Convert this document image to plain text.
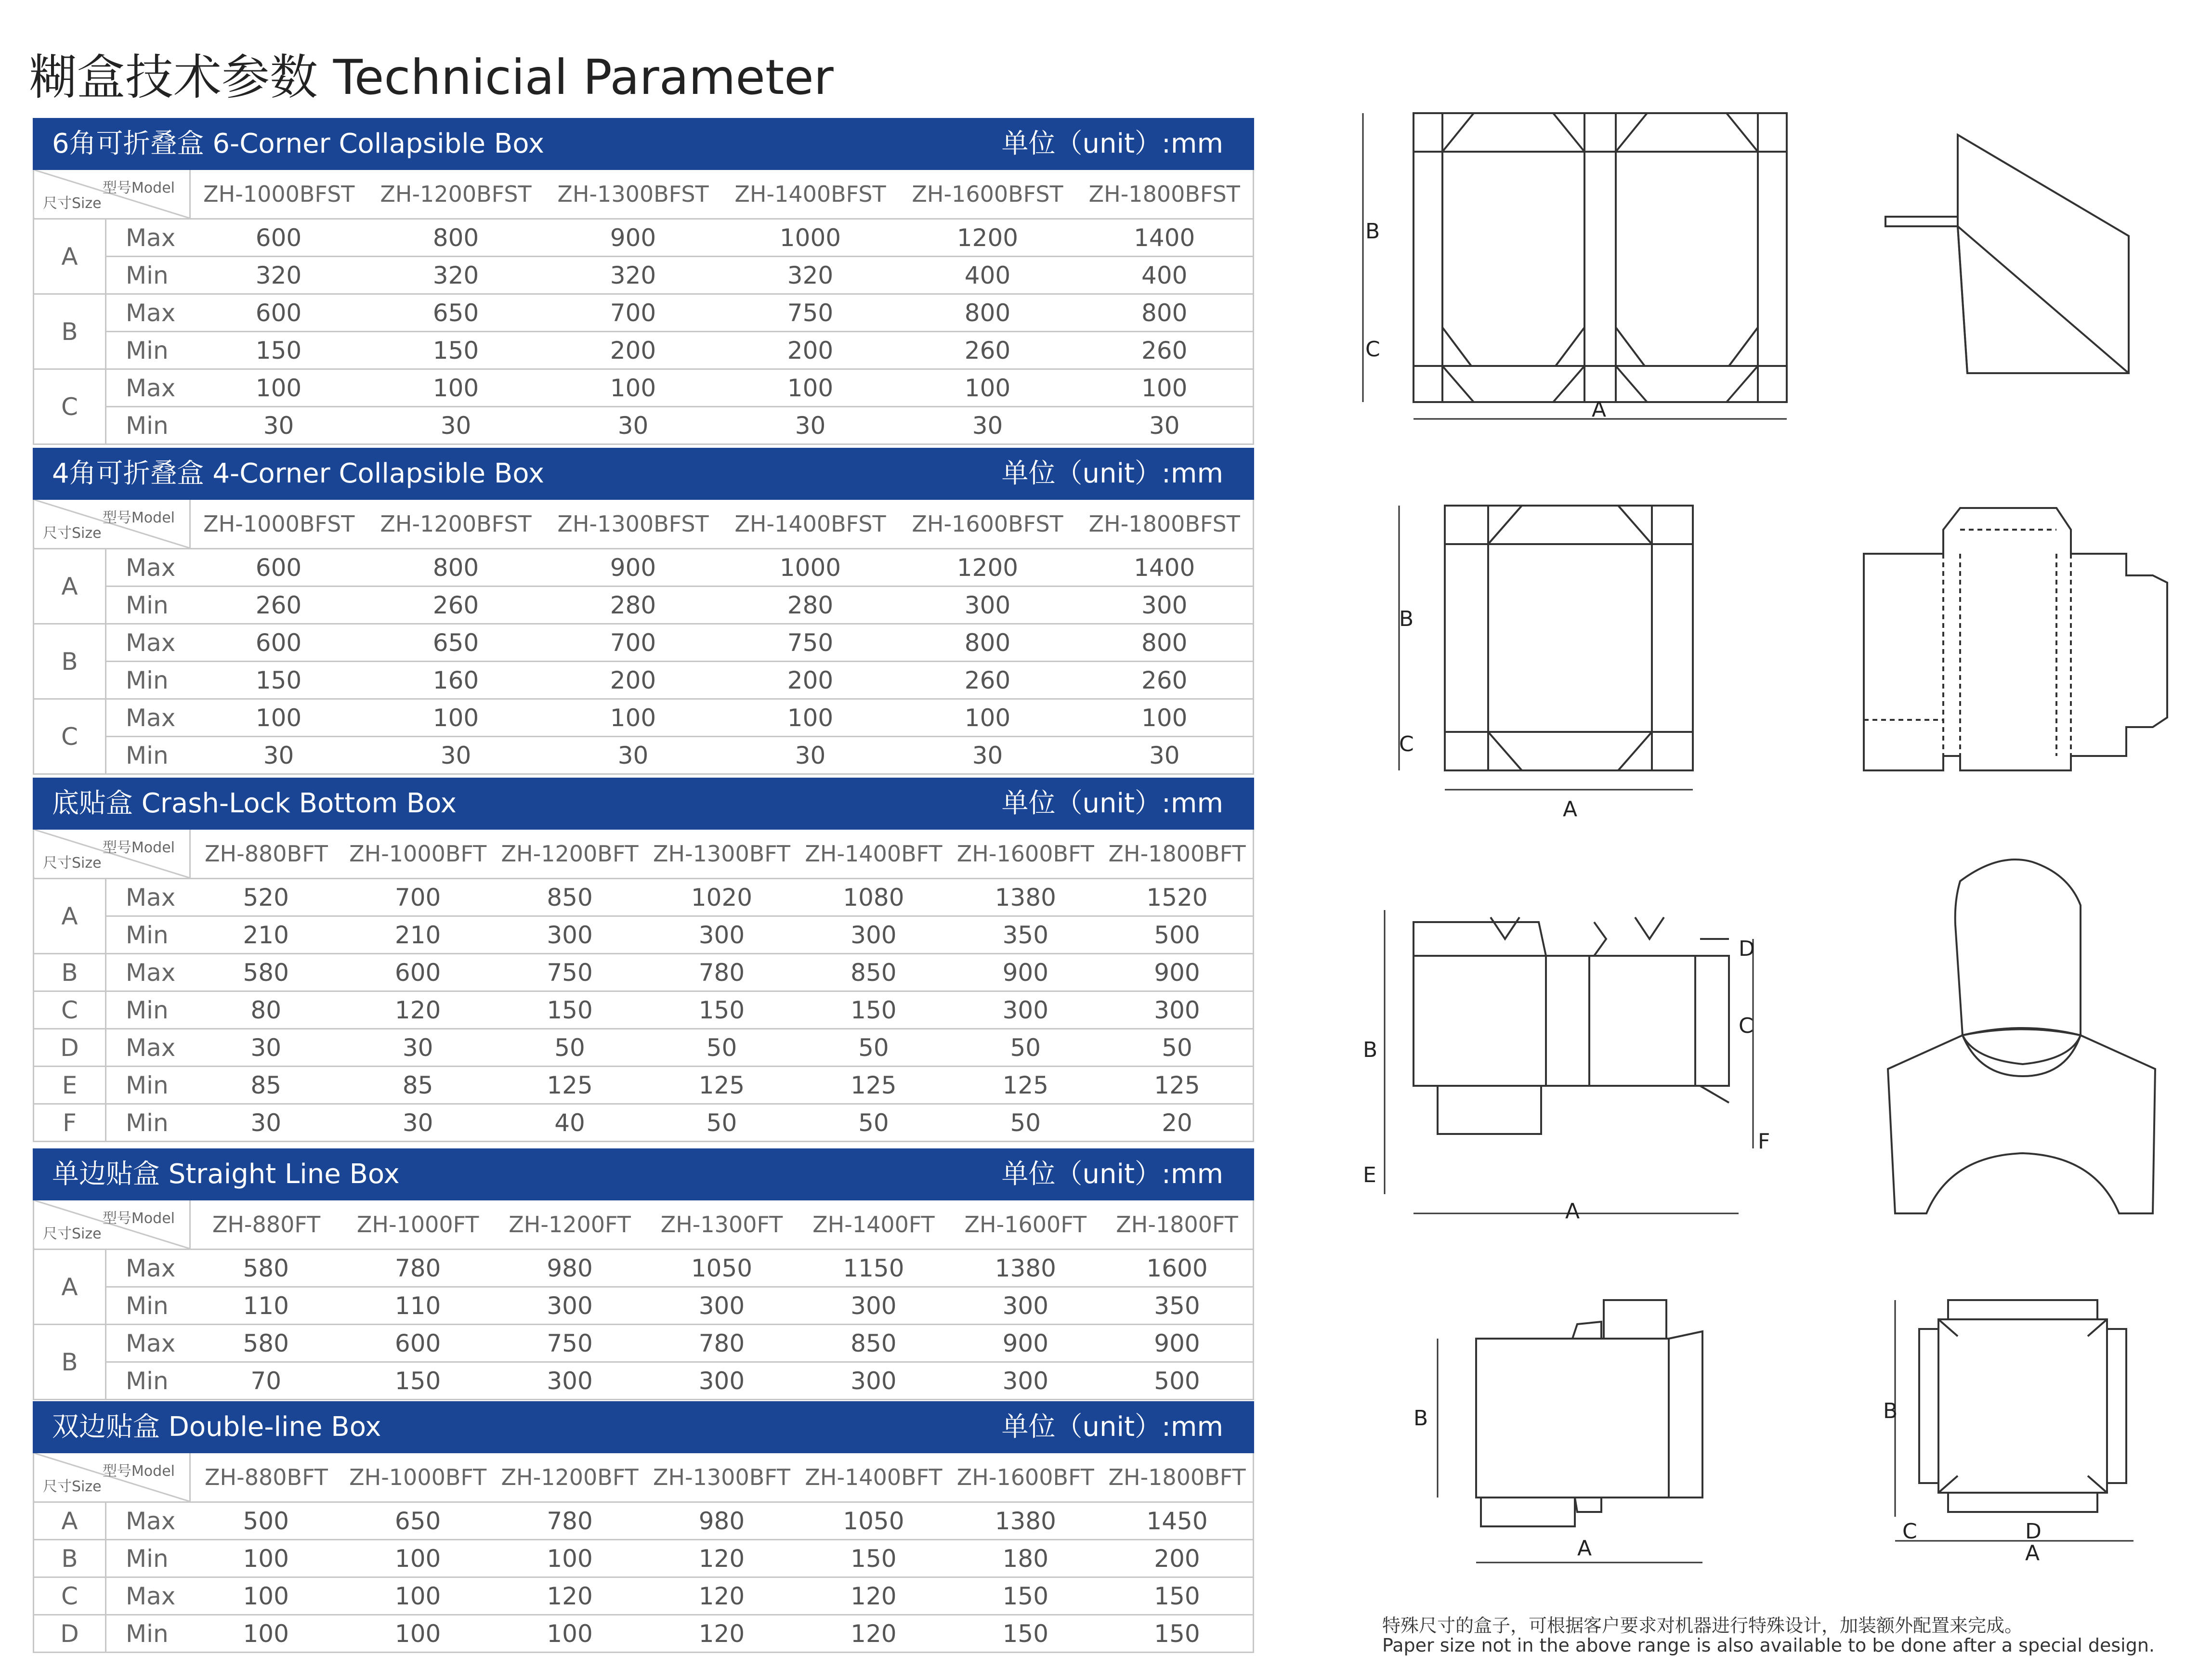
糊盒技术参数 Technicial Parameter
6角可折叠盒 6-Corner Collapsible Box	单位（unit）:mm
型号Model
尺寸Size		ZH-1000BFST	ZH-1200BFST	ZH-1300BFST	ZH-1400BFST	ZH-1600BFST	ZH-1800BFST
A	Max	600	800	900	1000	1200	1400
	Min	320	320	320	320	400	400
B	Max	600	650	700	750	800	800
	Min	150	150	200	200	260	260
C	Max	100	100	100	100	100	100
	Min	30	30	30	30	30	30
4角可折叠盒 4-Corner Collapsible Box	单位（unit）:mm
型号Model
尺寸Size		ZH-1000BFST	ZH-1200BFST	ZH-1300BFST	ZH-1400BFST	ZH-1600BFST	ZH-1800BFST
A	Max	600	800	900	1000	1200	1400
	Min	260	260	280	280	300	300
B	Max	600	650	700	750	800	800
	Min	150	160	200	200	260	260
C	Max	100	100	100	100	100	100
	Min	30	30	30	30	30	30
底贴盒 Crash-Lock Bottom Box	单位（unit）:mm
型号Model
尺寸Size		ZH-880BFT	ZH-1000BFT	ZH-1200BFT	ZH-1300BFT	ZH-1400BFT	ZH-1600BFT	ZH-1800BFT
A	Max	520	700	850	1020	1080	1380	1520
	Min	210	210	300	300	300	350	500
B	Max	580	600	750	780	850	900	900
C	Min	80	120	150	150	150	300	300
D	Max	30	30	50	50	50	50	50
E	Min	85	85	125	125	125	125	125
F	Min	30	30	40	50	50	50	20
单边贴盒 Straight Line Box	单位（unit）:mm
型号Model
尺寸Size		ZH-880FT	ZH-1000FT	ZH-1200FT	ZH-1300FT	ZH-1400FT	ZH-1600FT	ZH-1800FT
A	Max	580	780	980	1050	1150	1380	1600
	Min	110	110	300	300	300	300	350
B	Max	580	600	750	780	850	900	900
	Min	70	150	300	300	300	300	500
双边贴盒 Double-line Box	单位（unit）:mm
型号Model
尺寸Size		ZH-880BFT	ZH-1000BFT	ZH-1200BFT	ZH-1300BFT	ZH-1400BFT	ZH-1600BFT	ZH-1800BFT
A	Max	500	650	780	980	1050	1380	1450
B	Min	100	100	100	120	150	180	200
C	Max	100	100	120	120	120	150	150
D	Min	100	100	100	120	120	150	150
B
C
A
B
C
A
B
E
A
D
C
F
B
A
B
C	D
A
特殊尺寸的盒子，可根据客户要求对机器进行特殊设计，加装额外配置来完成。
Paper size not in the above range is also available to be done after a special design.
